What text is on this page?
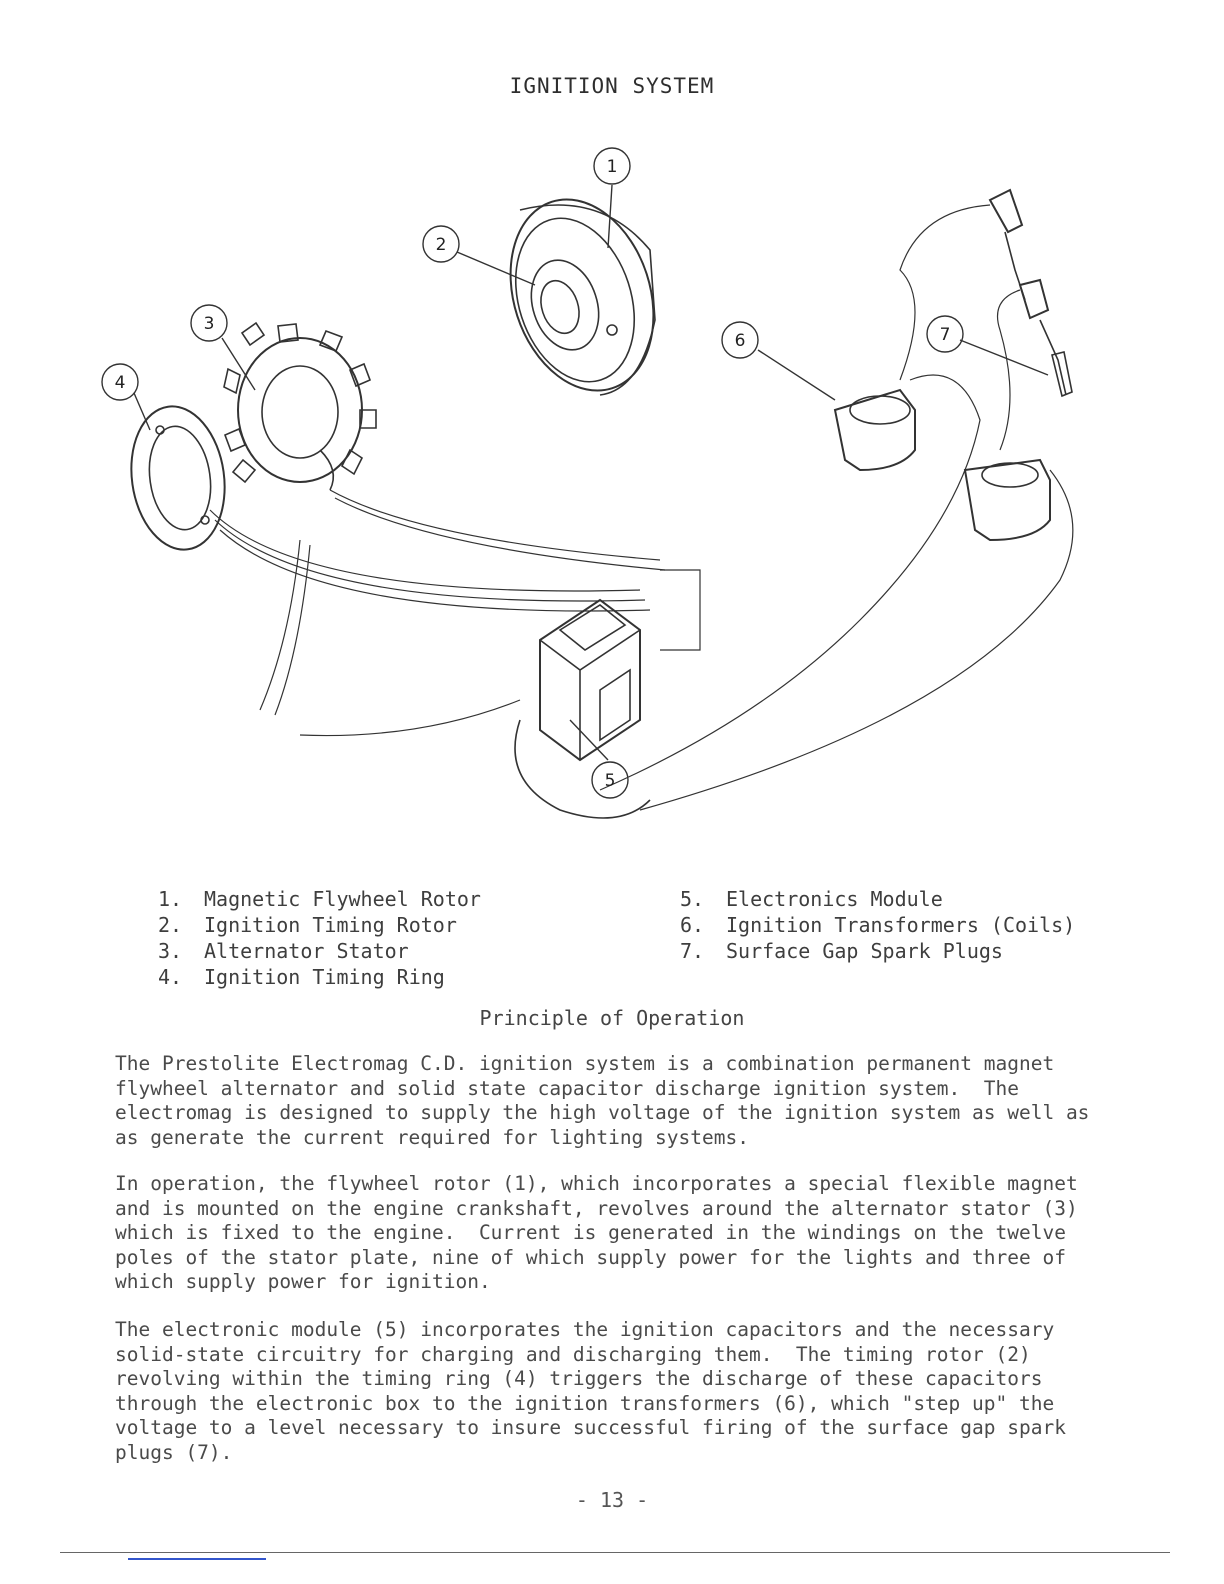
IGNITION SYSTEM
1
2
3
4
5
6	7
1. Magnetic Flywheel Rotor
2. Ignition Timing Rotor
3. Alternator Stator
4. Ignition Timing Ring
5. Electronics Module
6. Ignition Transformers (Coils)
7. Surface Gap Spark Plugs
Principle of Operation
The Prestolite Electromag C.D. ignition system is a combination permanent magnet
flywheel alternator and solid state capacitor discharge ignition system.  The
electromag is designed to supply the high voltage of the ignition system as well as
as generate the current required for lighting systems.
In operation, the flywheel rotor (1), which incorporates a special flexible magnet
and is mounted on the engine crankshaft, revolves around the alternator stator (3)
which is fixed to the engine.  Current is generated in the windings on the twelve
poles of the stator plate, nine of which supply power for the lights and three of
which supply power for ignition.
The electronic module (5) incorporates the ignition capacitors and the necessary
solid-state circuitry for charging and discharging them.  The timing rotor (2)
revolving within the timing ring (4) triggers the discharge of these capacitors
through the electronic box to the ignition transformers (6), which "step up" the
voltage to a level necessary to insure successful firing of the surface gap spark
plugs (7).
- 13 -
